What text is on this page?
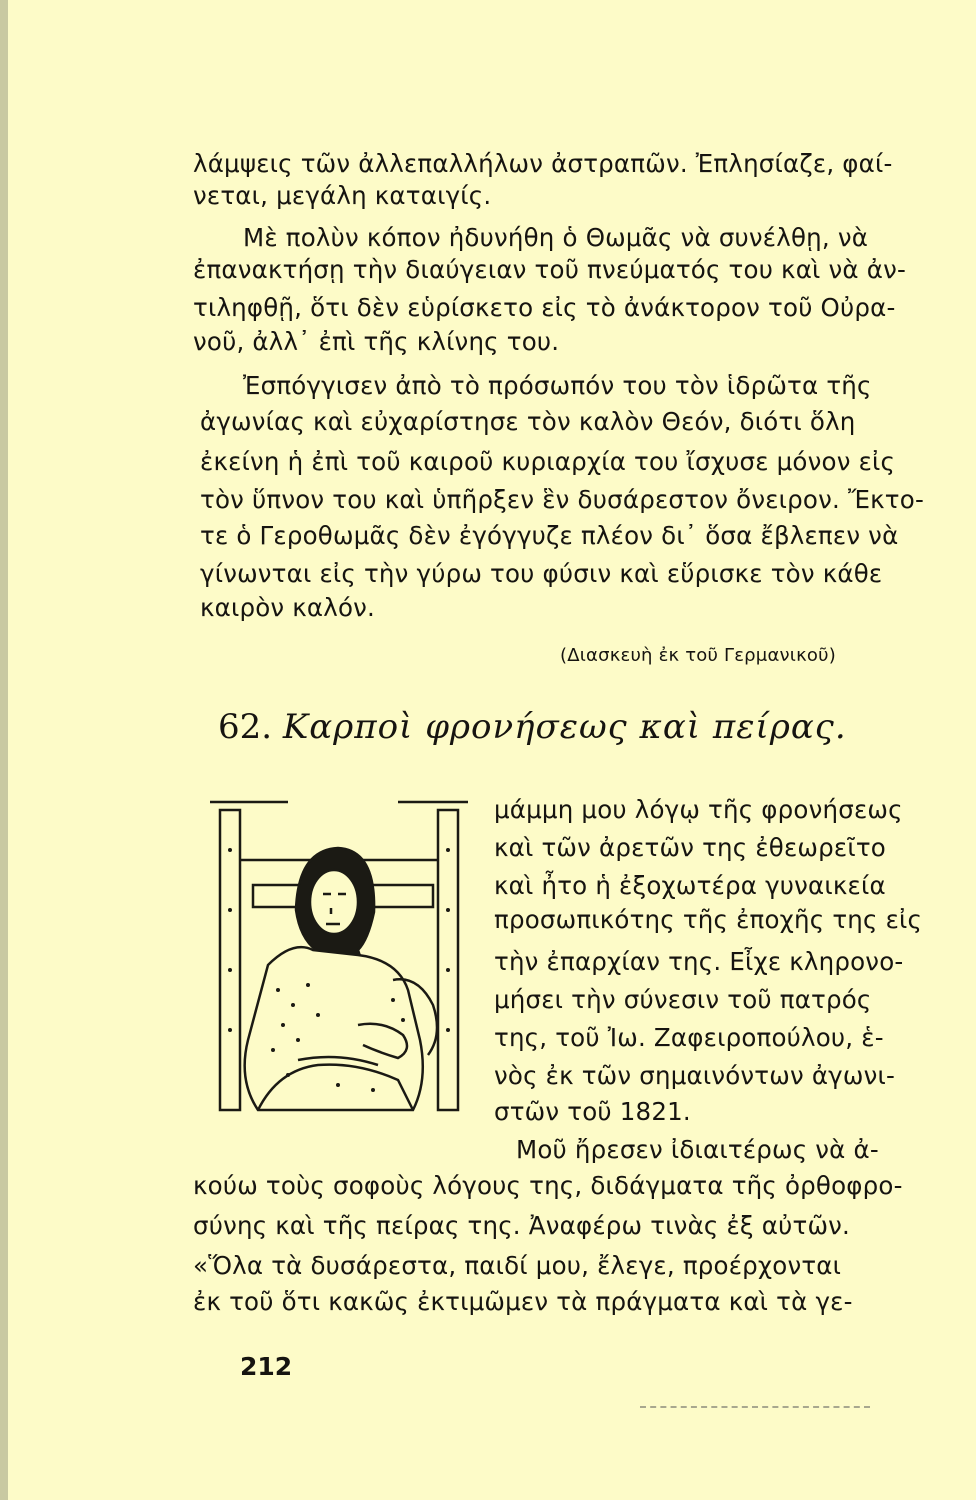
λάμψεις τῶν ἀλλεπαλλήλων ἀστραπῶν. Ἐπλησίαζε, φαί-
νεται, μεγάλη καταιγίς.
Μὲ πολὺν κόπον ἠδυνήθη ὁ Θωμᾶς νὰ συνέλθῃ, νὰ
ἐπανακτήσῃ τὴν διαύγειαν τοῦ πνεύματός του καὶ νὰ ἀν-
τιληφθῇ, ὅτι δὲν εὑρίσκετο εἰς τὸ ἀνάκτορον τοῦ Οὐρα-
νοῦ, ἀλλ᾿ ἐπὶ τῆς κλίνης του.
Ἐσπόγγισεν ἀπὸ τὸ πρόσωπόν του τὸν ἱδρῶτα τῆς
ἀγωνίας καὶ εὐχαρίστησε τὸν καλὸν Θεόν, διότι ὅλη
ἐκείνη ἡ ἐπὶ τοῦ καιροῦ κυριαρχία του ἴσχυσε μόνον εἰς
τὸν ὕπνον του καὶ ὑπῆρξεν ἓν δυσάρεστον ὄνειρον. Ἔκτο-
τε ὁ Γεροθωμᾶς δὲν ἐγόγγυζε πλέον δι᾿ ὅσα ἔβλεπεν νὰ
γίνωνται εἰς τὴν γύρω του φύσιν καὶ εὕρισκε τὸν κάθε
καιρὸν καλόν.
(Διασκευὴ ἐκ τοῦ Γερμανικοῦ)
62. Καρποὶ φρονήσεως καὶ πείρας.
μάμμη μου λόγῳ τῆς φρονήσεως
καὶ τῶν ἀρετῶν της ἐθεωρεῖτο
καὶ ἦτο ἡ ἐξοχωτέρα γυναικεία
προσωπικότης τῆς ἐποχῆς της εἰς
τὴν ἐπαρχίαν της. Εἶχε κληρονο-
μήσει τὴν σύνεσιν τοῦ πατρός
της, τοῦ Ἰω. Ζαφειροπούλου, ἑ-
νὸς ἐκ τῶν σημαινόντων ἀγωνι-
στῶν τοῦ 1821.
Μοῦ ἤρεσεν ἰδιαιτέρως νὰ ἀ-
κούω τοὺς σοφοὺς λόγους της, διδάγματα τῆς ὀρθοφρο-
σύνης καὶ τῆς πείρας της. Ἀναφέρω τινὰς ἐξ αὐτῶν.
«Ὅλα τὰ δυσάρεστα, παιδί μου, ἔλεγε, προέρχονται
ἐκ τοῦ ὅτι κακῶς ἐκτιμῶμεν τὰ πράγματα καὶ τὰ γε-
212
